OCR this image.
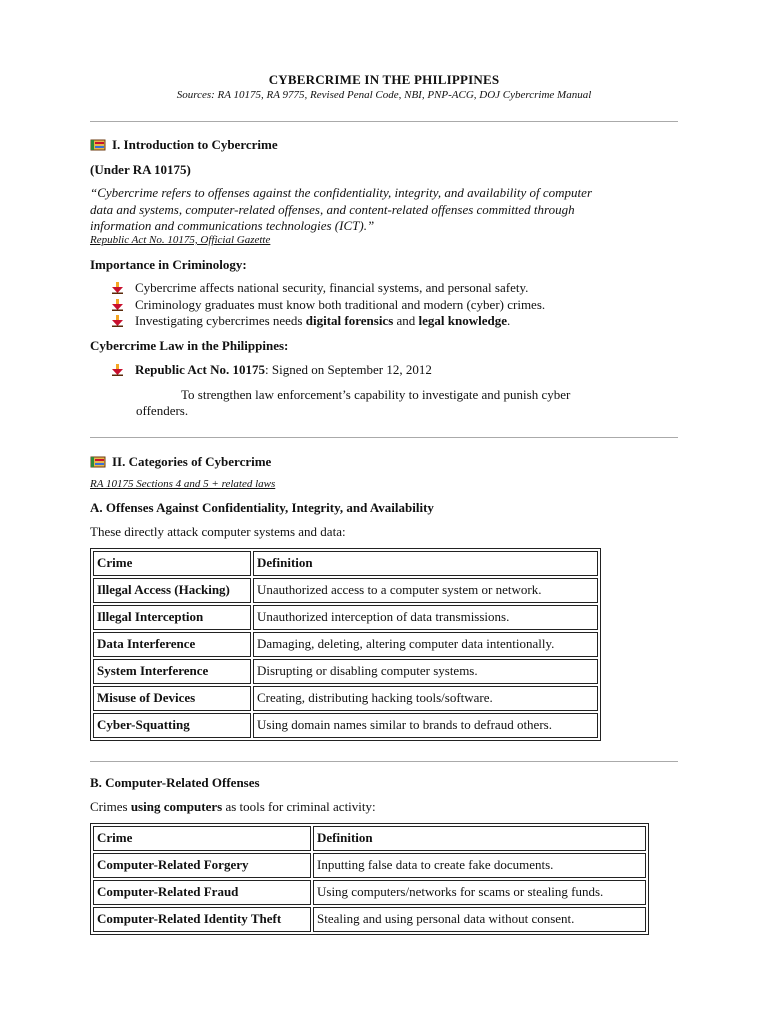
CYBERCRIME IN THE PHILIPPINES
Sources: RA 10175, RA 9775, Revised Penal Code, NBI, PNP-ACG, DOJ Cybercrime Manual
I. Introduction to Cybercrime
(Under RA 10175)
“Cybercrime refers to offenses against the confidentiality, integrity, and availability of computer
data and systems, computer-related offenses, and content-related offenses committed through
information and communications technologies (ICT).”
Republic Act No. 10175, Official Gazette
Importance in Criminology:
Cybercrime affects national security, financial systems, and personal safety.
Criminology graduates must know both traditional and modern (cyber) crimes.
Investigating cybercrimes needs digital forensics and legal knowledge.
Cybercrime Law in the Philippines:
Republic Act No. 10175: Signed on September 12, 2012
To strengthen law enforcement’s capability to investigate and punish cyber
offenders.
II. Categories of Cybercrime
RA 10175 Sections 4 and 5 + related laws
A. Offenses Against Confidentiality, Integrity, and Availability
These directly attack computer systems and data:
Crime	Definition
Illegal Access (Hacking)	Unauthorized access to a computer system or network.
Illegal Interception	Unauthorized interception of data transmissions.
Data Interference	Damaging, deleting, altering computer data intentionally.
System Interference	Disrupting or disabling computer systems.
Misuse of Devices	Creating, distributing hacking tools/software.
Cyber-Squatting	Using domain names similar to brands to defraud others.
B. Computer-Related Offenses
Crimes using computers as tools for criminal activity:
Crime	Definition
Computer-Related Forgery	Inputting false data to create fake documents.
Computer-Related Fraud	Using computers/networks for scams or stealing funds.
Computer-Related Identity Theft	Stealing and using personal data without consent.
